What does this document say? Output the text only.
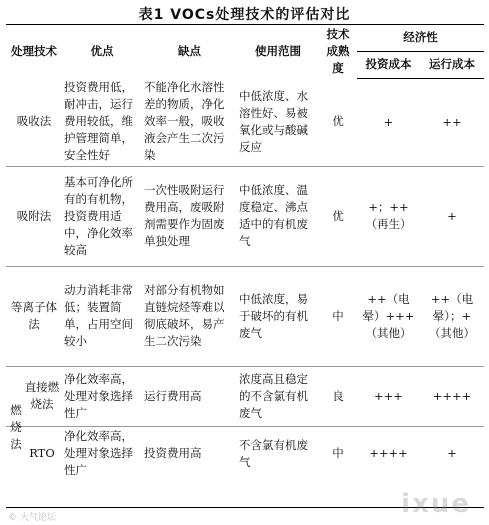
表1 VOCs处理技术的评估对比
处理技术	优点	缺点	使用范围	技术成熟度	经济性	
					投资成本	运行成本
吸收法	投资费用低，耐冲击，运行费用较低，维护管理简单，安全性好	不能净化水溶性差的物质，净化效率一般，吸收液会产生二次污染	中低浓度、水溶性好、易被氧化或与酸碱反应	优	+	++
吸附法	基本可净化所有的有机物，投资费用适中，净化效率较高	一次性吸附运行费用高，废吸附剂需要作为固废单独处理	中低浓度、温度稳定、沸点适中的有机废气	优	+；++（再生）	+
等离子体法	动力消耗非常低；装置简单，占用空间较小	对部分有机物如直链烷烃等难以彻底破坏，易产生二次污染	中低浓度，易于破坏的有机废气	中	++（电晕）+++（其他）	++（电晕）；+（其他）

直接燃烧法	净化效率高，处理对象选择性广	运行费用高	浓度高且稳定的不含氯有机废气	良	+++	++++

RTO	净化效率高，处理对象选择性广	投资费用高	不含氯有机废气	中	++++	+
燃烧法
ixue
© 大气论坛
